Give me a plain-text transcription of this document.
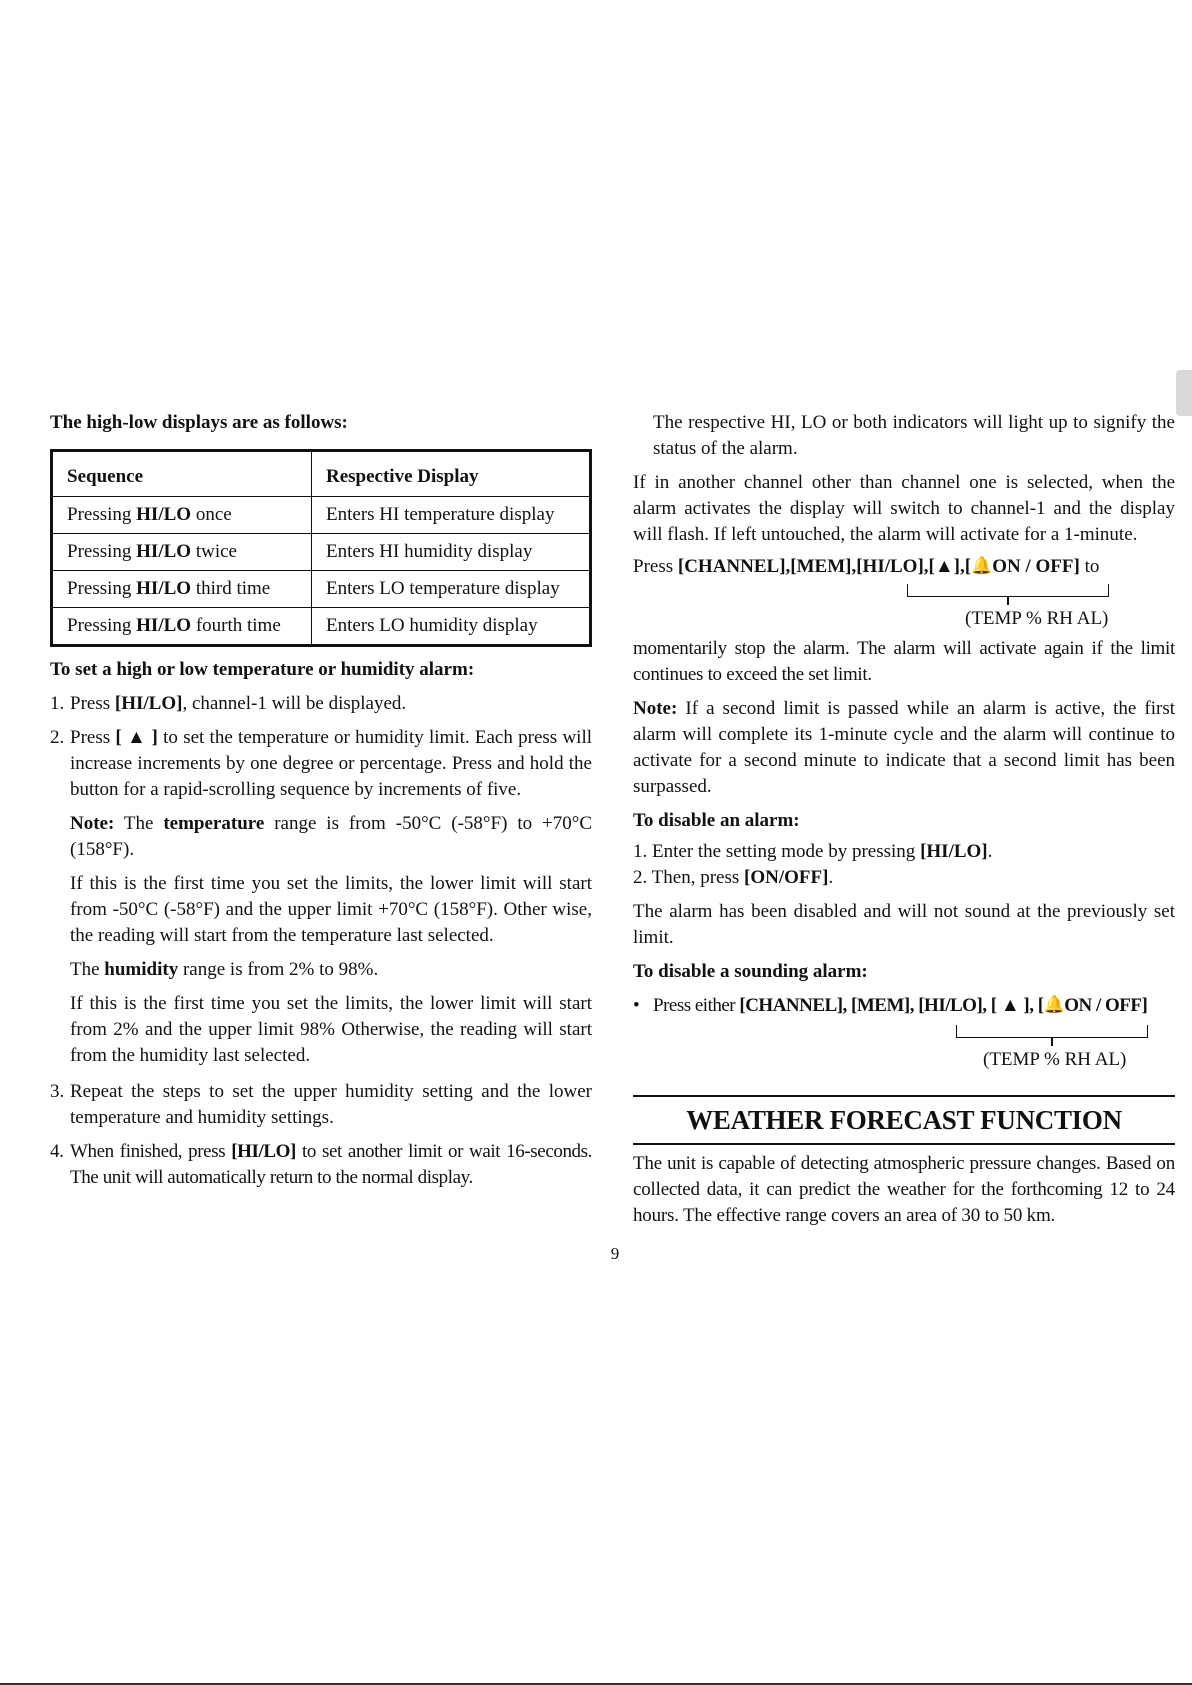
The high-low displays are as follows:

Sequence	Respective Display
Pressing HI/LO once	Enters HI temperature display
Pressing HI/LO twice	Enters HI humidity display
Pressing HI/LO third time	Enters LO temperature display
Pressing HI/LO fourth time	Enters LO humidity display

To set a high or low temperature or humidity alarm:

1. Press [HI/LO], channel-1 will be displayed.
2. Press [ ▲ ] to set the temperature or humidity limit. Each press will increase increments by one degree or percentage. Press and hold the button for a rapid-scrolling sequence by increments of five.

Note: The temperature range is from -50°C (-58°F) to +70°C (158°F).

If this is the first time you set the limits, the lower limit will start from -50°C (-58°F) and the upper limit +70°C (158°F). Other wise, the reading will start from the temperature last selected.

The humidity range is from 2% to 98%.

If this is the first time you set the limits, the lower limit will start from 2% and the upper limit 98% Otherwise, the reading will start from the humidity last selected.

3. Repeat the steps to set the upper humidity setting and the lower temperature and humidity settings.
4. When finished, press [HI/LO] to set another limit or wait 16-seconds. The unit will automatically return to the normal display.

The respective HI, LO or both indicators will light up to signify the status of the alarm.

If in another channel other than channel one is selected, when the alarm activates the display will switch to channel-1 and the display will flash. If left untouched, the alarm will activate for a 1-minute.

Press [CHANNEL],[MEM],[HI/LO],[▲],[🔔ON / OFF] to

(TEMP % RH AL)

momentarily stop the alarm. The alarm will activate again if the limit continues to exceed the set limit.

Note: If a second limit is passed while an alarm is active, the first alarm will complete its 1-minute cycle and the alarm will continue to activate for a second minute to indicate that a second limit has been surpassed.

To disable an alarm:

1. Enter the setting mode by pressing [HI/LO].

2. Then, press [ON/OFF].

The alarm has been disabled and will not sound at the previously set limit.

To disable a sounding alarm:

• Press either [CHANNEL], [MEM], [HI/LO], [ ▲ ], [🔔ON / OFF]

(TEMP % RH AL)
WEATHER FORECAST FUNCTION

The unit is capable of detecting atmospheric pressure changes. Based on collected data, it can predict the weather for the forthcoming 12 to 24 hours. The effective range covers an area of 30 to 50 km.

9
